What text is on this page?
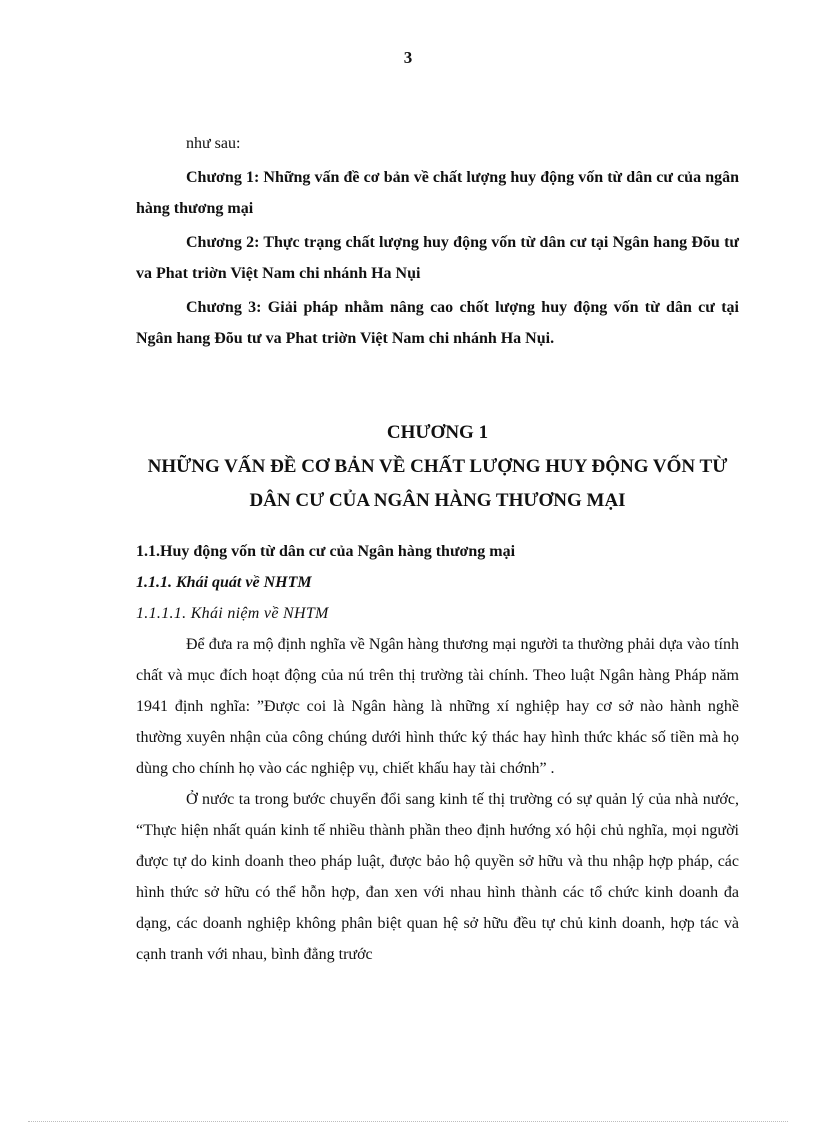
3

như sau:

Chương 1: Những vấn đề cơ bản về chất lượng huy động vốn từ dân cư của ngân hàng thương mại

Chương 2: Thực trạng chất lượng huy động vốn từ dân cư tại Ngân hang Đõu tư va Phat triờn Việt Nam chi nhánh Ha Nụi

Chương 3: Giải pháp nhằm nâng cao chốt lượng huy động vốn từ dân cư tại Ngân hang Đõu tư va Phat triờn Việt Nam chi nhánh Ha Nụi.

CHƯƠNG 1
NHỮNG VẤN ĐỀ CƠ BẢN VỀ CHẤT LƯỢNG HUY ĐỘNG VỐN TỪ DÂN CƯ CỦA NGÂN HÀNG THƯƠNG MẠI

1.1.Huy động vốn từ dân cư của Ngân hàng thương mại

1.1.1. Khái quát về NHTM

1.1.1.1. Khái niệm về NHTM

Để đưa ra mộ định nghĩa về Ngân hàng thương mại người ta thường phải dựa vào tính chất và mục đích hoạt động của nú trên thị trường tài chính. Theo luật Ngân hàng Pháp năm 1941 định nghĩa: ”Được coi là Ngân hàng là những xí nghiệp hay cơ sở nào hành nghề thường xuyên nhận của công chúng dưới hình thức ký thác hay hình thức khác số tiền mà họ dùng cho chính họ vào các nghiệp vụ, chiết khấu hay tài chớnh” .

Ở nước ta trong bước chuyển đổi sang kinh tế thị trường có sự quản lý của nhà nước, “Thực hiện nhất quán kinh tế nhiều thành phần theo định hướng xó hội chủ nghĩa, mọi người được tự do kinh doanh theo pháp luật, được bảo hộ quyền sở hữu và thu nhập hợp pháp, các hình thức sở hữu có thể hỗn hợp, đan xen với nhau hình thành các tổ chức kinh doanh đa dạng, các doanh nghiệp không phân biệt quan hệ sở hữu đều tự chủ kinh doanh, hợp tác và cạnh tranh với nhau, bình đẳng trước
